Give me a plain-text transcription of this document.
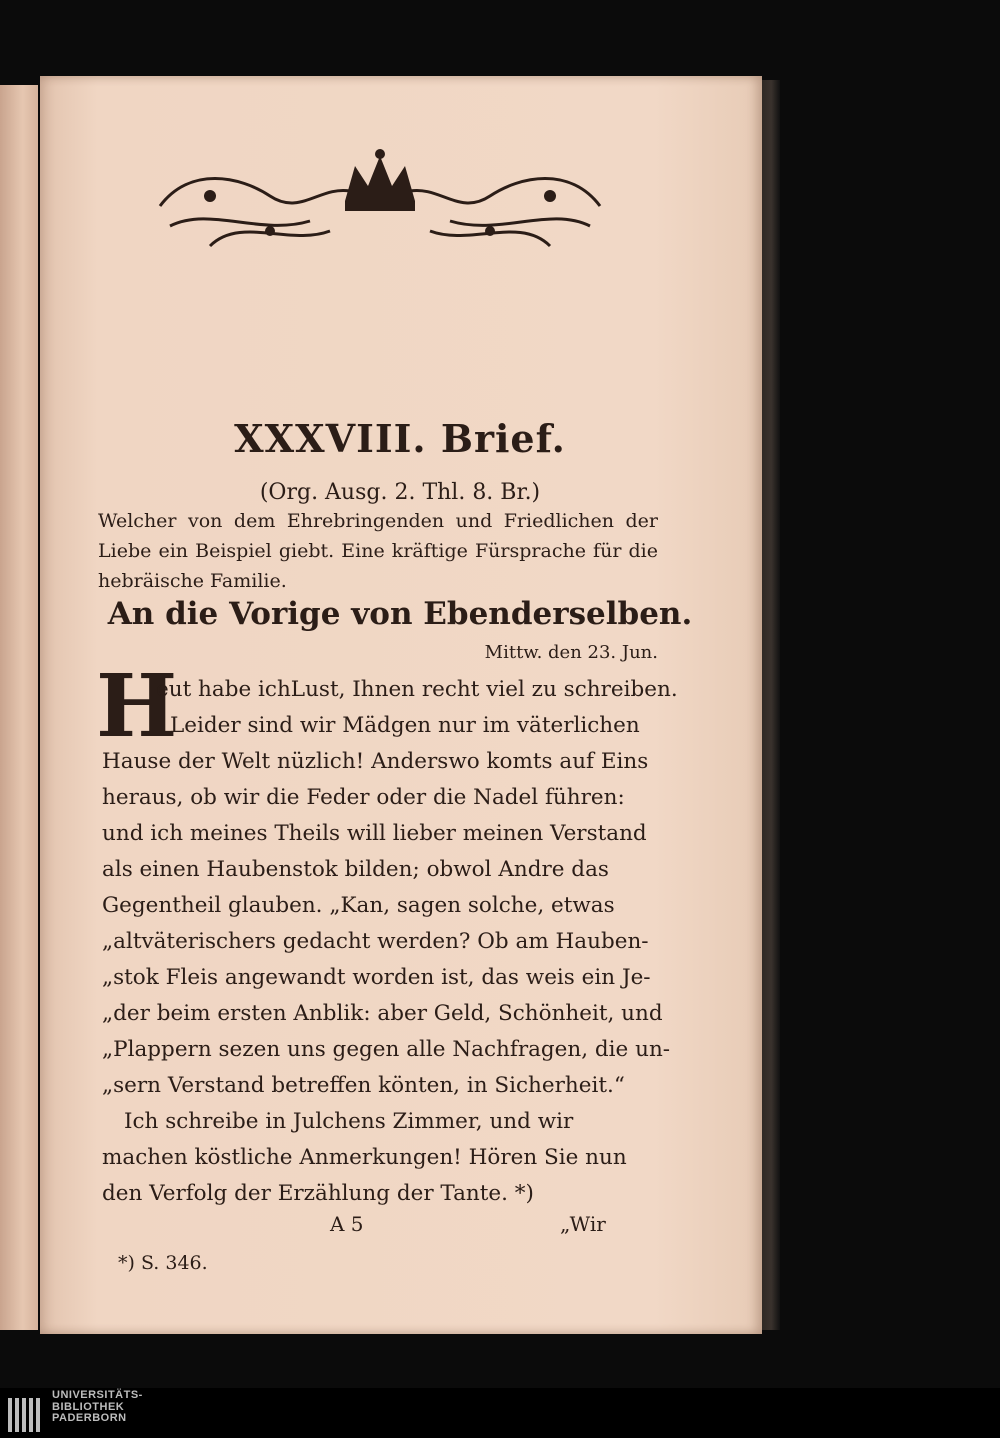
XXXVIII. Brief.
(Org. Ausg. 2. Thl. 8. Br.)
Welcher von dem Ehrebringenden und Friedlichen der Liebe ein Beispiel giebt. Eine kräftige Fürsprache für die hebräische Familie.
An die Vorige von Ebenderselben.
Mittw. den 23. Jun.
H
eut habe ichLust, Ihnen recht viel zu schreiben.
Leider sind wir Mädgen nur im väterlichen
Hause der Welt nüzlich! Anderswo komts auf Eins
heraus, ob wir die Feder oder die Nadel führen:
und ich meines Theils will lieber meinen Verstand
als einen Haubenstok bilden; obwol Andre das
Gegentheil glauben. „Kan, sagen solche, etwas
„altväterischers gedacht werden? Ob am Hauben-
„stok Fleis angewandt worden ist, das weis ein Je-
„der beim ersten Anblik: aber Geld, Schönheit, und
„Plappern sezen uns gegen alle Nachfragen, die un-
„sern Verstand betreffen könten, in Sicherheit.“
Ich schreibe in Julchens Zimmer, und wir
machen köstliche Anmerkungen! Hören Sie nun
den Verfolg der Erzählung der Tante. *)
A 5	„Wir
*) S. 346.
UNIVERSITÄTS-
BIBLIOTHEK
PADERBORN
